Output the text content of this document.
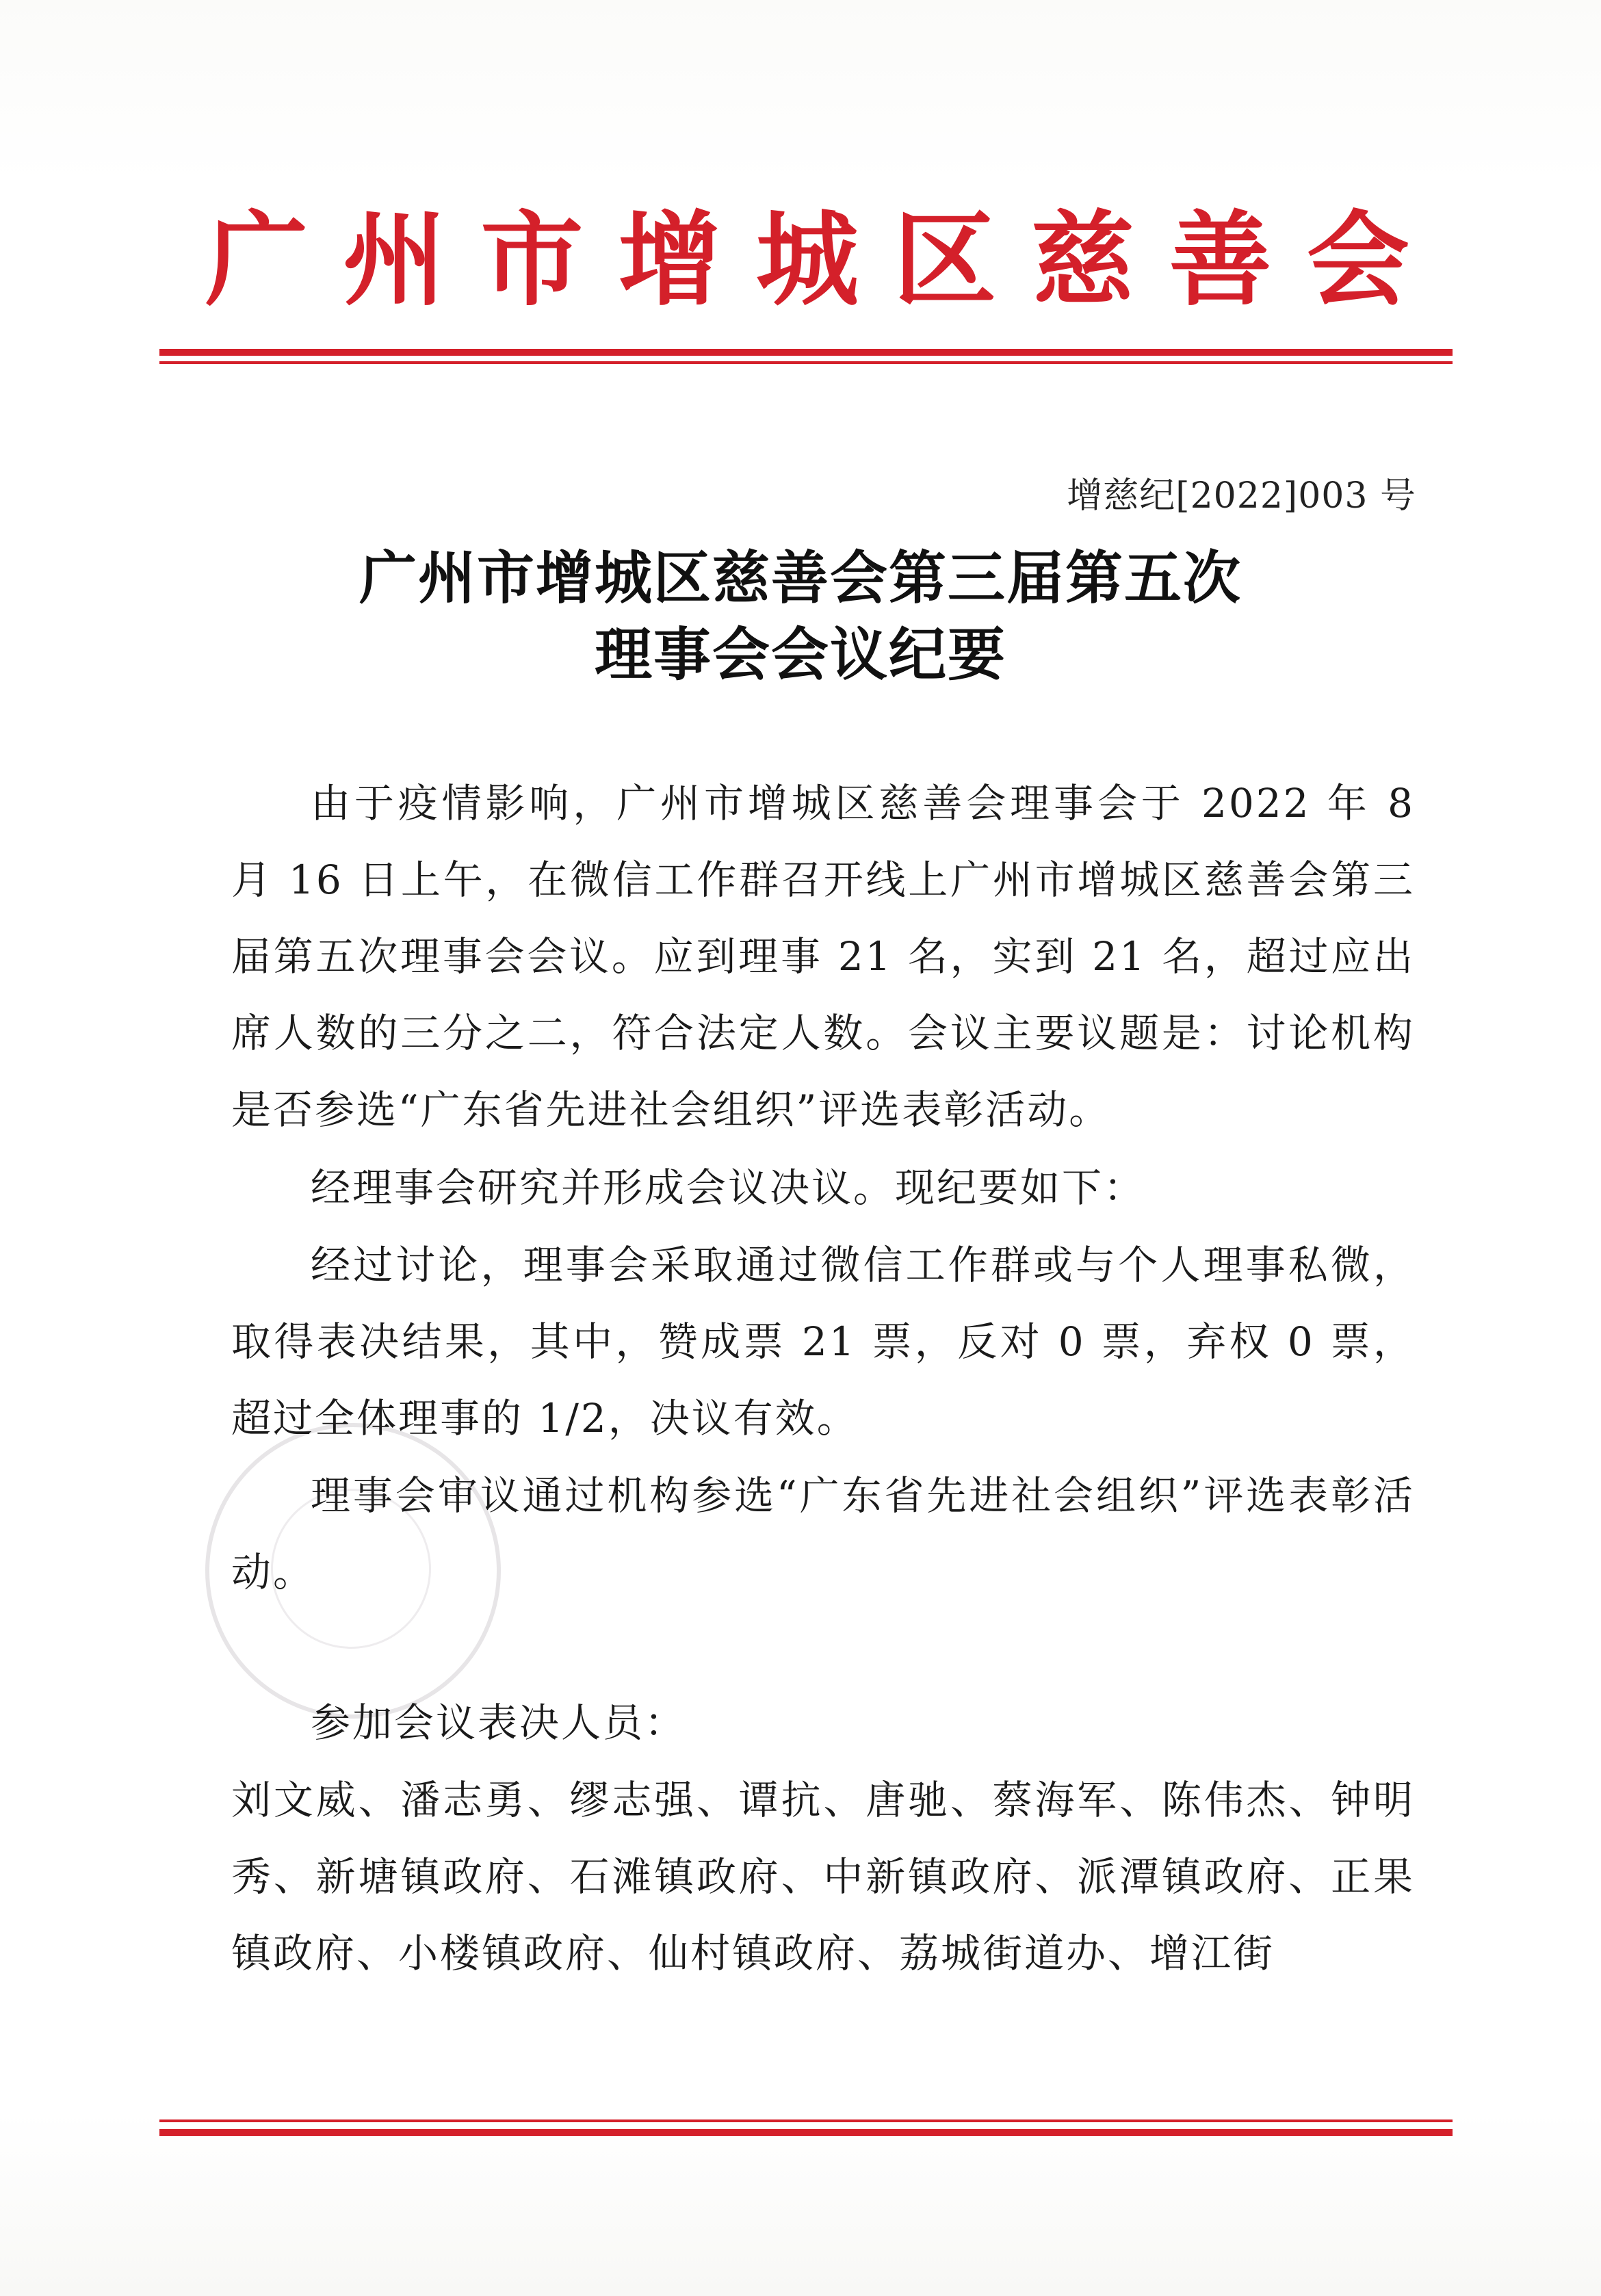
广 州 市 增 城 区 慈 善 会
增慈纪[2022]003 号
广州市增城区慈善会第三届第五次
理事会会议纪要
由于疫情影响，广州市增城区慈善会理事会于 2022 年 8 月 16 日上午，在微信工作群召开线上广州市增城区慈善会第三届第五次理事会会议。应到理事 21 名，实到 21 名，超过应出席人数的三分之二，符合法定人数。会议主要议题是：讨论机构是否参选“广东省先进社会组织”评选表彰活动。
经理事会研究并形成会议决议。现纪要如下：
经过讨论，理事会采取通过微信工作群或与个人理事私微，取得表决结果，其中，赞成票 21 票，反对 0 票，弃权 0 票，超过全体理事的 1/2，决议有效。
理事会审议通过机构参选“广东省先进社会组织”评选表彰活动。
参加会议表决人员：
刘文威、潘志勇、缪志强、谭抗、唐驰、蔡海军、陈伟杰、钟明秀、新塘镇政府、石滩镇政府、中新镇政府、派潭镇政府、正果镇政府、小楼镇政府、仙村镇政府、荔城街道办、增江街
